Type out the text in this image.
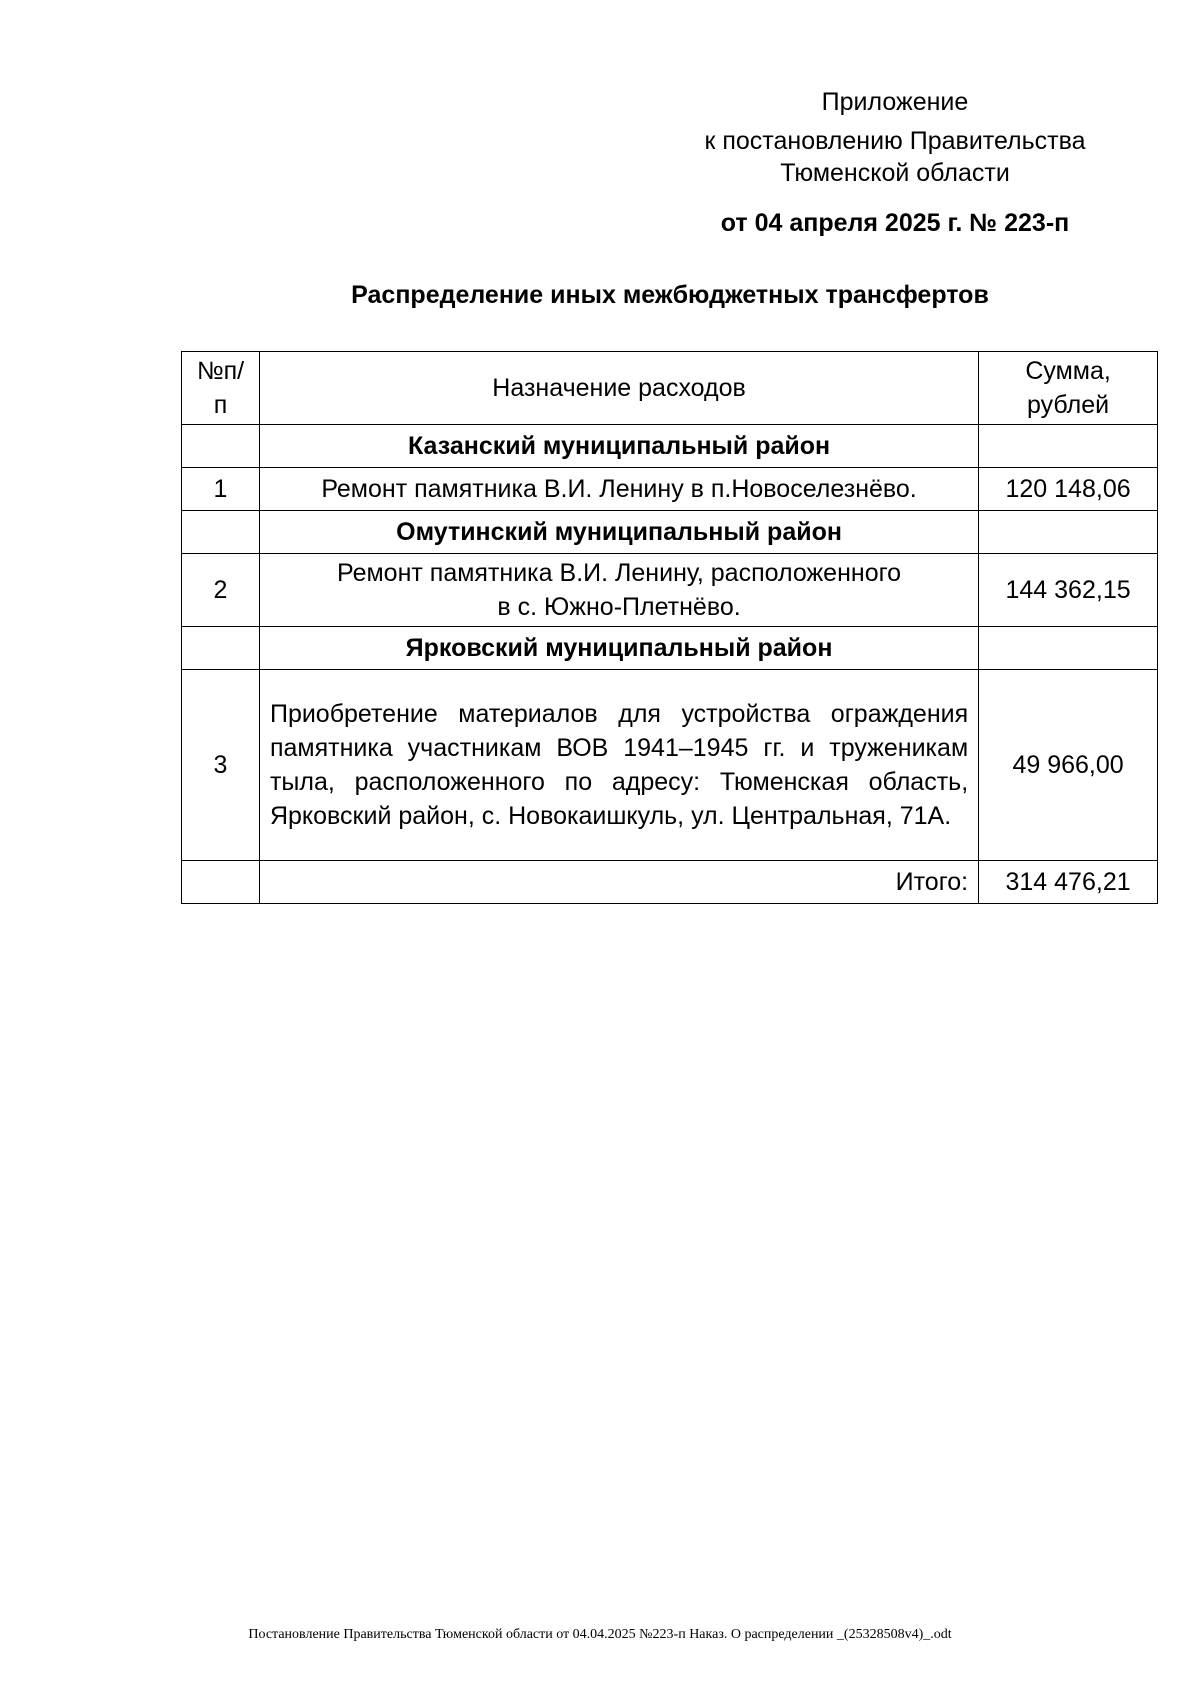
Приложение
к постановлению Правительства
Тюменской области
от 04 апреля 2025 г. № 223-п
Распределение иных межбюджетных трансфертов
№п/п	Назначение расходов	Сумма, рублей
	Казанский муниципальный район	
1	Ремонт памятника В.И. Ленину в п.Новоселезнёво.	120 148,06
	Омутинский муниципальный район	
2	Ремонт памятника В.И. Ленину, расположенного в с. Южно-Плетнёво.	144 362,15
	Ярковский муниципальный район	
3	Приобретение материалов для устройства ограждения памятника участникам ВОВ 1941–1945 гг. и труженикам тыла, расположенного по адресу: Тюменская область, Ярковский район, с. Новокаишкуль, ул. Центральная, 71А.	49 966,00
	Итого:	314 476,21
Постановление Правительства Тюменской области от 04.04.2025 №223-п Наказ. О распределении _(25328508v4)_.odt
